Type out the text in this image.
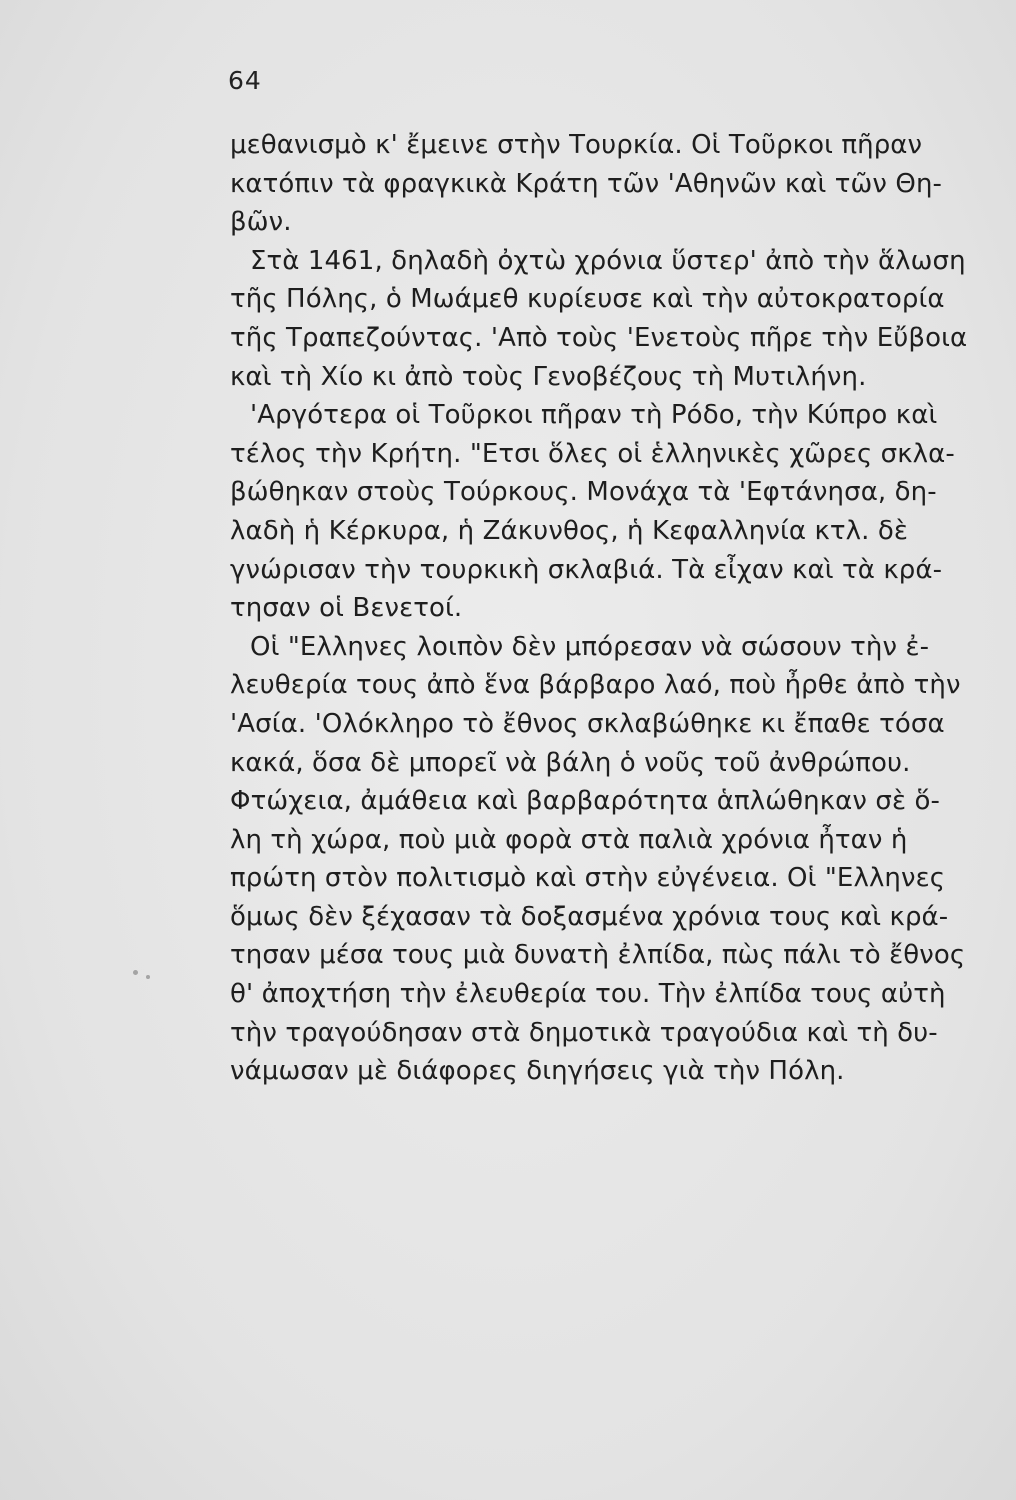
64
μεθανισμὸ κ' ἔμεινε στὴν Τουρκία. Οἱ Τοῦρκοι πῆραν
κατόπιν τὰ φραγκικὰ Κράτη τῶν 'Αθηνῶν καὶ τῶν Θη-
βῶν.
Στὰ 1461, δηλαδὴ ὀχτὼ χρόνια ὕστερ' ἀπὸ τὴν ἅλωση
τῆς Πόλης, ὁ Μωάμεθ κυρίευσε καὶ τὴν αὐτοκρατορία
τῆς Τραπεζούντας. 'Απὸ τοὺς 'Ενετοὺς πῆρε τὴν Εὔβοια
καὶ τὴ Χίο κι ἀπὸ τοὺς Γενοβέζους τὴ Μυτιλήνη.
'Αργότερα οἱ Τοῦρκοι πῆραν τὴ Ρόδο, τὴν Κύπρο καὶ
τέλος τὴν Κρήτη. "Ετσι ὅλες οἱ ἑλληνικὲς χῶρες σκλα-
βώθηκαν στοὺς Τούρκους. Μονάχα τὰ 'Εφτάνησα, δη-
λαδὴ ἡ Κέρκυρα, ἡ Ζάκυνθος, ἡ Κεφαλληνία κτλ. δὲ
γνώρισαν τὴν τουρκικὴ σκλαβιά. Τὰ εἶχαν καὶ τὰ κρά-
τησαν οἱ Βενετοί.
Οἱ "Ελληνες λοιπὸν δὲν μπόρεσαν νὰ σώσουν τὴν ἐ-
λευθερία τους ἀπὸ ἕνα βάρβαρο λαό, ποὺ ἦρθε ἀπὸ τὴν
'Ασία. 'Ολόκληρο τὸ ἔθνος σκλαβώθηκε κι ἔπαθε τόσα
κακά, ὅσα δὲ μπορεῖ νὰ βάλη ὁ νοῦς τοῦ ἀνθρώπου.
Φτώχεια, ἀμάθεια καὶ βαρβαρότητα ἁπλώθηκαν σὲ ὅ-
λη τὴ χώρα, ποὺ μιὰ φορὰ στὰ παλιὰ χρόνια ἦταν ἡ
πρώτη στὸν πολιτισμὸ καὶ στὴν εὐγένεια. Οἱ "Ελληνες
ὅμως δὲν ξέχασαν τὰ δοξασμένα χρόνια τους καὶ κρά-
τησαν μέσα τους μιὰ δυνατὴ ἐλπίδα, πὼς πάλι τὸ ἔθνος
θ' ἀποχτήση τὴν ἐλευθερία του. Τὴν ἐλπίδα τους αὐτὴ
τὴν τραγούδησαν στὰ δημοτικὰ τραγούδια καὶ τὴ δυ-
νάμωσαν μὲ διάφορες διηγήσεις γιὰ τὴν Πόλη.
